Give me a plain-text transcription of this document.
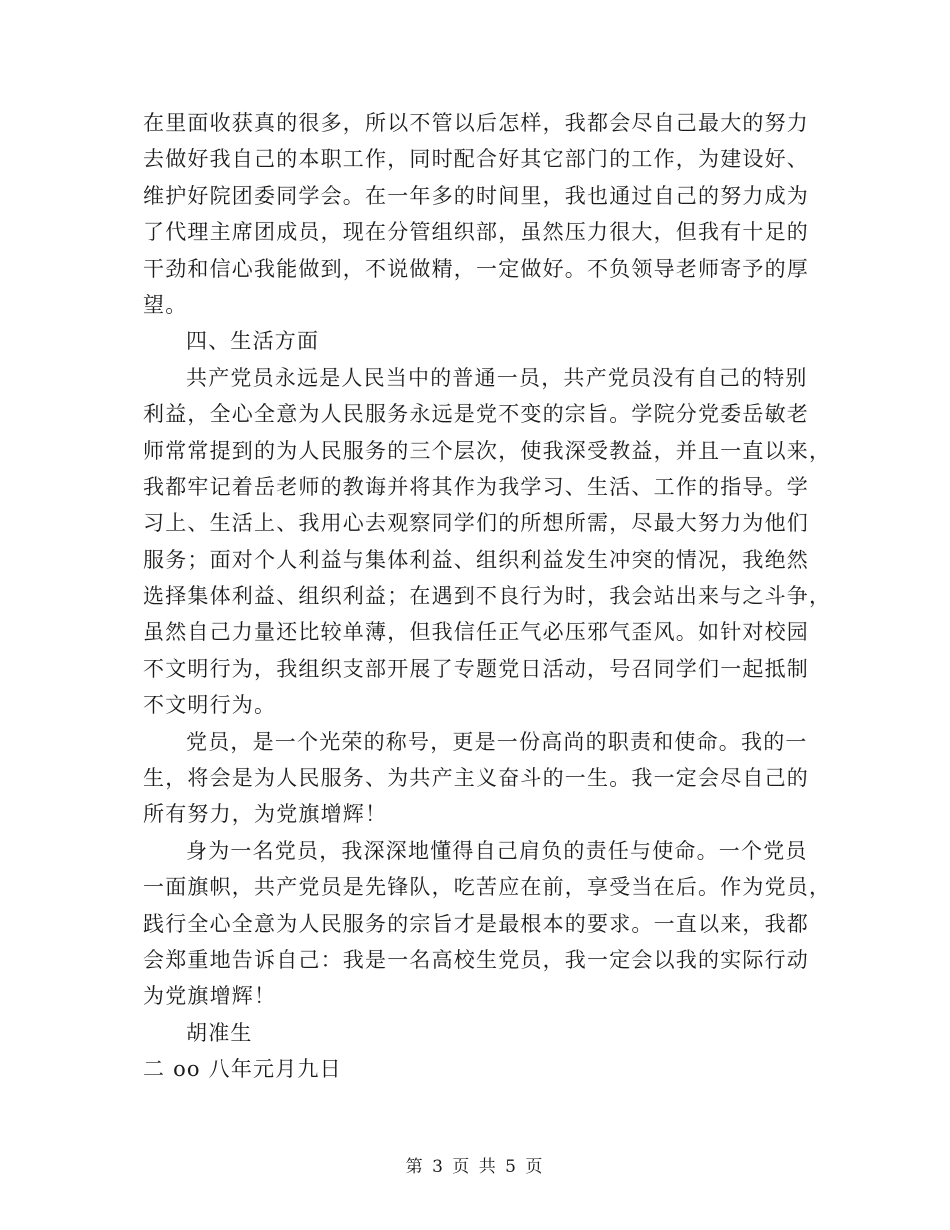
在里面收获真的很多，所以不管以后怎样，我都会尽自己最大的努力
去做好我自己的本职工作，同时配合好其它部门的工作，为建设好、
维护好院团委同学会。在一年多的时间里，我也通过自己的努力成为
了代理主席团成员，现在分管组织部，虽然压力很大，但我有十足的
干劲和信心我能做到，不说做精，一定做好。不负领导老师寄予的厚
望。
四、生活方面
共产党员永远是人民当中的普通一员，共产党员没有自己的特别
利益，全心全意为人民服务永远是党不变的宗旨。学院分党委岳敏老
师常常提到的为人民服务的三个层次，使我深受教益，并且一直以来，
我都牢记着岳老师的教诲并将其作为我学习、生活、工作的指导。学
习上、生活上、我用心去观察同学们的所想所需，尽最大努力为他们
服务；面对个人利益与集体利益、组织利益发生冲突的情况，我绝然
选择集体利益、组织利益；在遇到不良行为时，我会站出来与之斗争，
虽然自己力量还比较单薄，但我信任正气必压邪气歪风。如针对校园
不文明行为，我组织支部开展了专题党日活动，号召同学们一起抵制
不文明行为。
党员，是一个光荣的称号，更是一份高尚的职责和使命。我的一
生，将会是为人民服务、为共产主义奋斗的一生。我一定会尽自己的
所有努力，为党旗增辉！
身为一名党员，我深深地懂得自己肩负的责任与使命。一个党员
一面旗帜，共产党员是先锋队，吃苦应在前，享受当在后。作为党员，
践行全心全意为人民服务的宗旨才是最根本的要求。一直以来，我都
会郑重地告诉自己：我是一名高校生党员，我一定会以我的实际行动
为党旗增辉！
胡准生
二 oo 八年元月九日
第 3 页 共 5 页
